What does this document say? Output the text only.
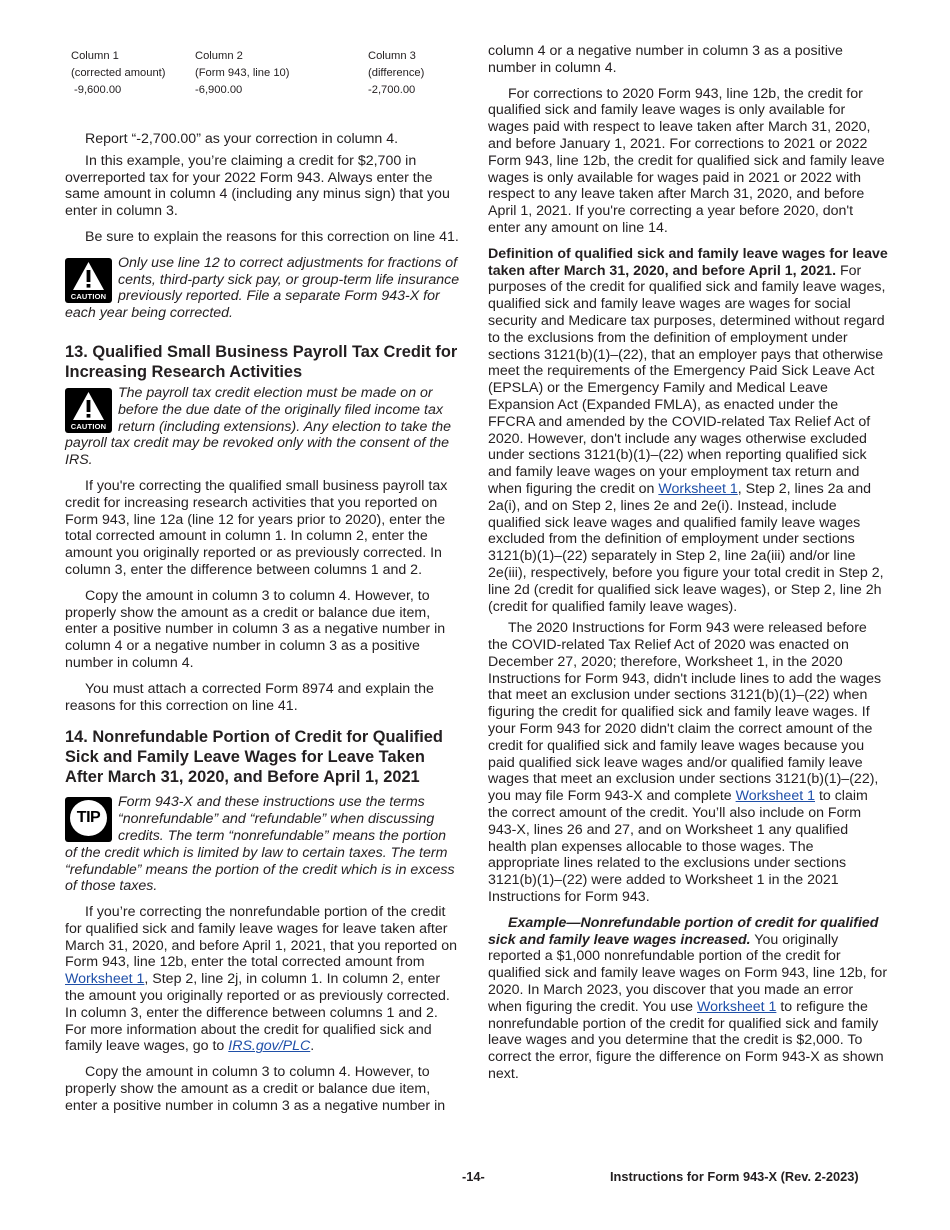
Column 1
(corrected amount)
-9,600.00
Column 2
(Form 943, line 10)
-6,900.00
Column 3
(difference)
-2,700.00

Report “-2,700.00” as your correction in column 4.

In this example, you’re claiming a credit for $2,700 in overreported tax for your 2022 Form 943. Always enter the same amount in column 4 (including any minus sign) that you enter in column 3.

Be sure to explain the reasons for this correction on line 41.

CAUTION

Only use line 12 to correct adjustments for fractions of cents, third-party sick pay, or group-term life insurance previously reported. File a separate Form 943-X for each year being corrected.

13. Qualified Small Business Payroll Tax Credit for Increasing Research Activities
CAUTION

The payroll tax credit election must be made on or before the due date of the originally filed income tax return (including extensions). Any election to take the payroll tax credit may be revoked only with the consent of the IRS.

If you're correcting the qualified small business payroll tax credit for increasing research activities that you reported on Form 943, line 12a (line 12 for years prior to 2020), enter the total corrected amount in column 1. In column 2, enter the amount you originally reported or as previously corrected. In column 3, enter the difference between columns 1 and 2.

Copy the amount in column 3 to column 4. However, to properly show the amount as a credit or balance due item, enter a positive number in column 3 as a negative number in column 4 or a negative number in column 3 as a positive number in column 4.

You must attach a corrected Form 8974 and explain the reasons for this correction on line 41.

14. Nonrefundable Portion of Credit for Qualified Sick and Family Leave Wages for Leave Taken After March 31, 2020, and Before April 1, 2021
TIP

Form 943-X and these instructions use the terms “nonrefundable” and “refundable” when discussing credits. The term “nonrefundable” means the portion of the credit which is limited by law to certain taxes. The term “refundable” means the portion of the credit which is in excess of those taxes.

If you’re correcting the nonrefundable portion of the credit for qualified sick and family leave wages for leave taken after March 31, 2020, and before April 1, 2021, that you reported on Form 943, line 12b, enter the total corrected amount from Worksheet 1, Step 2, line 2j, in column 1. In column 2, enter the amount you originally reported or as previously corrected. In column 3, enter the difference between columns 1 and 2. For more information about the credit for qualified sick and family leave wages, go to IRS.gov/PLC.

Copy the amount in column 3 to column 4. However, to properly show the amount as a credit or balance due item, enter a positive number in column 3 as a negative number in

column 4 or a negative number in column 3 as a positive number in column 4.

For corrections to 2020 Form 943, line 12b, the credit for qualified sick and family leave wages is only available for wages paid with respect to leave taken after March 31, 2020, and before January 1, 2021. For corrections to 2021 or 2022 Form 943, line 12b, the credit for qualified sick and family leave wages is only available for wages paid in 2021 or 2022 with respect to any leave taken after March 31, 2020, and before April 1, 2021. If you're correcting a year before 2020, don't enter any amount on line 14.

Definition of qualified sick and family leave wages for leave taken after March 31, 2020, and before April 1, 2021. For purposes of the credit for qualified sick and family leave wages, qualified sick and family leave wages are wages for social security and Medicare tax purposes, determined without regard to the exclusions from the definition of employment under sections 3121(b)(1)–(22), that an employer pays that otherwise meet the requirements of the Emergency Paid Sick Leave Act (EPSLA) or the Emergency Family and Medical Leave Expansion Act (Expanded FMLA), as enacted under the FFCRA and amended by the COVID-related Tax Relief Act of 2020. However, don't include any wages otherwise excluded under sections 3121(b)(1)–(22) when reporting qualified sick and family leave wages on your employment tax return and when figuring the credit on Worksheet 1, Step 2, lines 2a and 2a(i), and on Step 2, lines 2e and 2e(i). Instead, include qualified sick leave wages and qualified family leave wages excluded from the definition of employment under sections 3121(b)(1)–(22) separately in Step 2, line 2a(iii) and/or line 2e(iii), respectively, before you figure your total credit in Step 2, line 2d (credit for qualified sick leave wages), or Step 2, line 2h (credit for qualified family leave wages).

The 2020 Instructions for Form 943 were released before the COVID-related Tax Relief Act of 2020 was enacted on December 27, 2020; therefore, Worksheet 1, in the 2020 Instructions for Form 943, didn't include lines to add the wages that meet an exclusion under sections 3121(b)(1)–(22) when figuring the credit for qualified sick and family leave wages. If your Form 943 for 2020 didn't claim the correct amount of the credit for qualified sick and family leave wages because you paid qualified sick leave wages and/or qualified family leave wages that meet an exclusion under sections 3121(b)(1)–(22), you may file Form 943-X and complete Worksheet 1 to claim the correct amount of the credit. You’ll also include on Form 943-X, lines 26 and 27, and on Worksheet 1 any qualified health plan expenses allocable to those wages. The appropriate lines related to the exclusions under sections 3121(b)(1)–(22) were added to Worksheet 1 in the 2021 Instructions for Form 943.

Example—Nonrefundable portion of credit for qualified sick and family leave wages increased. You originally reported a $1,000 nonrefundable portion of the credit for qualified sick and family leave wages on Form 943, line 12b, for 2020. In March 2023, you discover that you made an error when figuring the credit. You use Worksheet 1 to refigure the nonrefundable portion of the credit for qualified sick and family leave wages and you determine that the credit is $2,000. To correct the error, figure the difference on Form 943-X as shown next.

-14-	Instructions for Form 943-X (Rev. 2-2023)
